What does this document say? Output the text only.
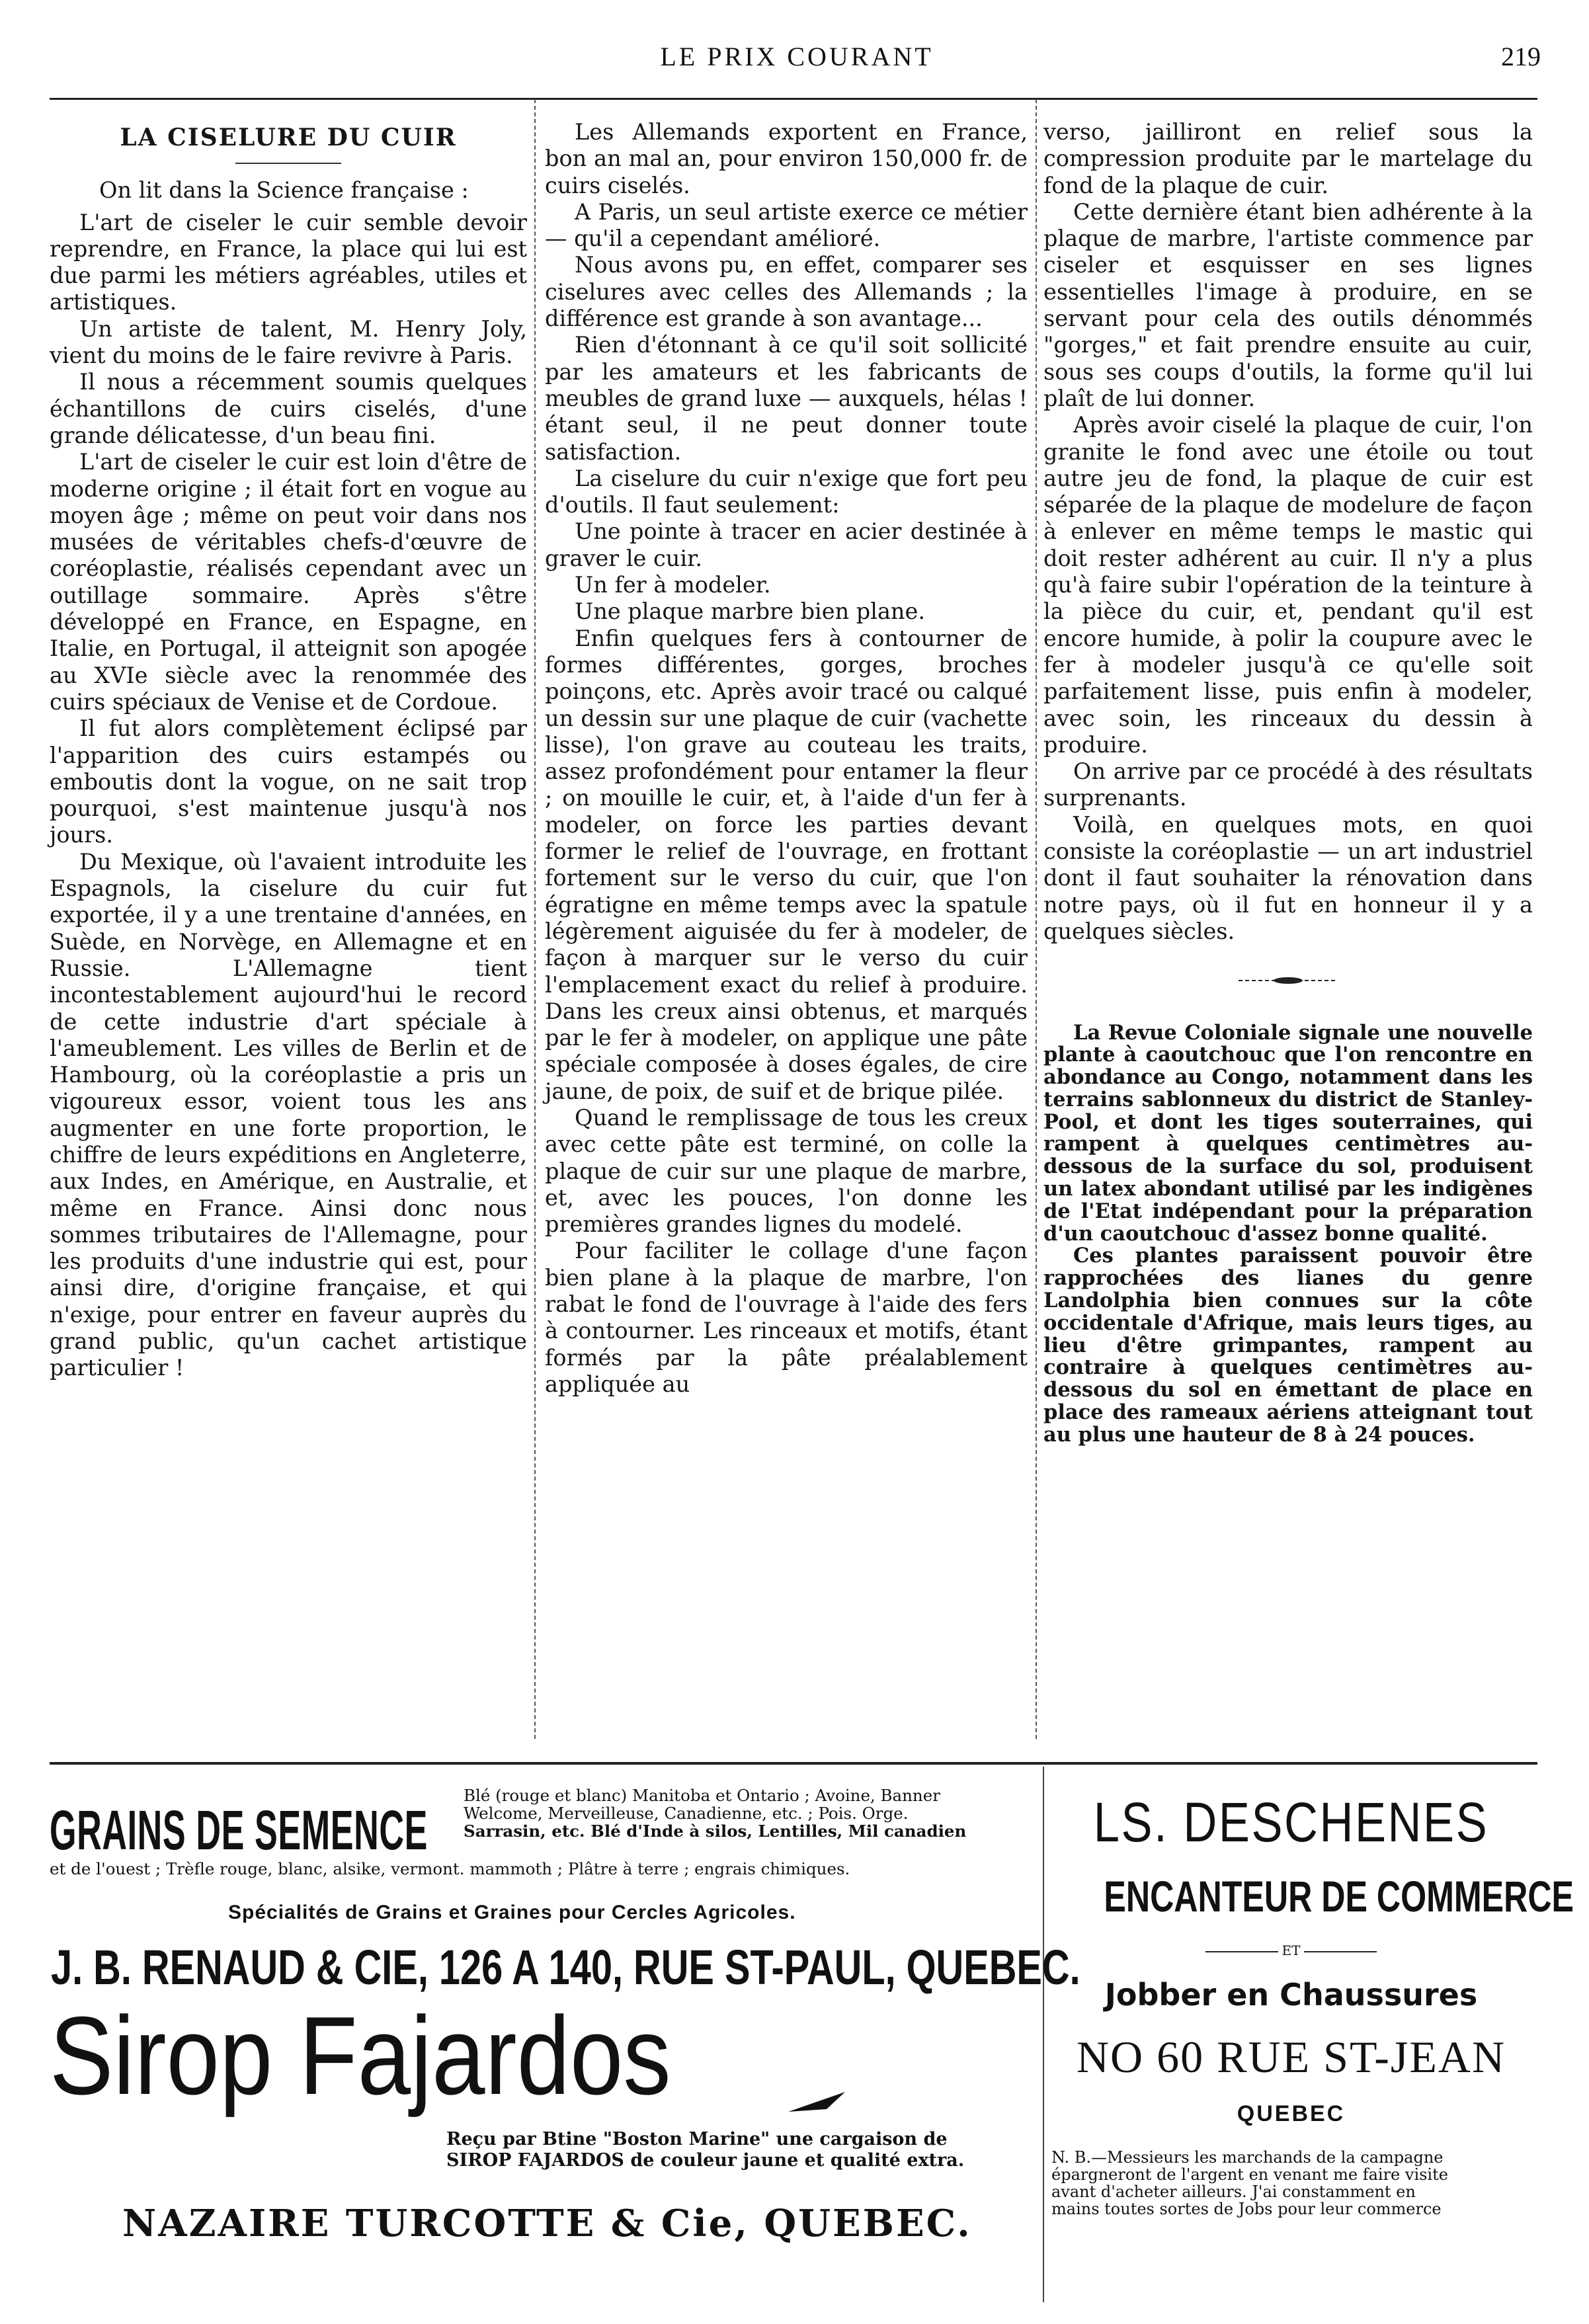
LE PRIX COURANT	219
LA CISELURE DU CUIR

On lit dans la Science française :

L'art de ciseler le cuir semble devoir reprendre, en France, la place qui lui est due parmi les métiers agréables, utiles et artistiques.

Un artiste de talent, M. Henry Joly, vient du moins de le faire revivre à Paris.

Il nous a récemment soumis quelques échantillons de cuirs ciselés, d'une grande délicatesse, d'un beau fini.

L'art de ciseler le cuir est loin d'être de moderne origine ; il était fort en vogue au moyen âge ; même on peut voir dans nos musées de véritables chefs-d'œuvre de coréoplastie, réalisés cependant avec un outillage sommaire. Après s'être développé en France, en Espagne, en Italie, en Portugal, il atteignit son apogée au XVIe siècle avec la renommée des cuirs spéciaux de Venise et de Cordoue.

Il fut alors complètement éclipsé par l'apparition des cuirs estampés ou emboutis dont la vogue, on ne sait trop pourquoi, s'est maintenue jusqu'à nos jours.

Du Mexique, où l'avaient introduite les Espagnols, la ciselure du cuir fut exportée, il y a une trentaine d'années, en Suède, en Norvège, en Allemagne et en Russie. L'Allemagne tient incontestablement aujourd'hui le record de cette industrie d'art spéciale à l'ameublement. Les villes de Berlin et de Hambourg, où la coréoplastie a pris un vigoureux essor, voient tous les ans augmenter en une forte proportion, le chiffre de leurs expéditions en Angleterre, aux Indes, en Amérique, en Australie, et même en France. Ainsi donc nous sommes tributaires de l'Allemagne, pour les produits d'une industrie qui est, pour ainsi dire, d'origine française, et qui n'exige, pour entrer en faveur auprès du grand public, qu'un cachet artistique particulier !

Les Allemands exportent en France, bon an mal an, pour environ 150,000 fr. de cuirs ciselés.

A Paris, un seul artiste exerce ce métier — qu'il a cependant amélioré.

Nous avons pu, en effet, comparer ses ciselures avec celles des Allemands ; la différence est grande à son avantage...

Rien d'étonnant à ce qu'il soit sollicité par les amateurs et les fabricants de meubles de grand luxe — auxquels, hélas ! étant seul, il ne peut donner toute satisfaction.

La ciselure du cuir n'exige que fort peu d'outils. Il faut seulement:

Une pointe à tracer en acier destinée à graver le cuir.

Un fer à modeler.

Une plaque marbre bien plane.

Enfin quelques fers à contourner de formes différentes, gorges, broches poinçons, etc. Après avoir tracé ou calqué un dessin sur une plaque de cuir (vachette lisse), l'on grave au couteau les traits, assez profondément pour entamer la fleur ; on mouille le cuir, et, à l'aide d'un fer à modeler, on force les parties devant former le relief de l'ouvrage, en frottant fortement sur le verso du cuir, que l'on égratigne en même temps avec la spatule légèrement aiguisée du fer à modeler, de façon à marquer sur le verso du cuir l'emplacement exact du relief à produire. Dans les creux ainsi obtenus, et marqués par le fer à modeler, on applique une pâte spéciale composée à doses égales, de cire jaune, de poix, de suif et de brique pilée.

Quand le remplissage de tous les creux avec cette pâte est terminé, on colle la plaque de cuir sur une plaque de marbre, et, avec les pouces, l'on donne les premières grandes lignes du modelé.

Pour faciliter le collage d'une façon bien plane à la plaque de marbre, l'on rabat le fond de l'ouvrage à l'aide des fers à contourner. Les rinceaux et motifs, étant formés par la pâte préalablement appliquée au

verso, jailliront en relief sous la compression produite par le martelage du fond de la plaque de cuir.

Cette dernière étant bien adhérente à la plaque de marbre, l'artiste commence par ciseler et esquisser en ses lignes essentielles l'image à produire, en se servant pour cela des outils dénommés "gorges," et fait prendre ensuite au cuir, sous ses coups d'outils, la forme qu'il lui plaît de lui donner.

Après avoir ciselé la plaque de cuir, l'on granite le fond avec une étoile ou tout autre jeu de fond, la plaque de cuir est séparée de la plaque de modelure de façon à enlever en même temps le mastic qui doit rester adhérent au cuir. Il n'y a plus qu'à faire subir l'opération de la teinture à la pièce du cuir, et, pendant qu'il est encore humide, à polir la coupure avec le fer à modeler jusqu'à ce qu'elle soit parfaitement lisse, puis enfin à modeler, avec soin, les rinceaux du dessin à produire.

On arrive par ce procédé à des résultats surprenants.

Voilà, en quelques mots, en quoi consiste la coréoplastie — un art industriel dont il faut souhaiter la rénovation dans notre pays, où il fut en honneur il y a quelques siècles.

La Revue Coloniale signale une nouvelle plante à caoutchouc que l'on rencontre en abondance au Congo, notamment dans les terrains sablonneux du district de Stanley-Pool, et dont les tiges souterraines, qui rampent à quelques centimètres au-dessous de la surface du sol, produisent un latex abondant utilisé par les indigènes de l'Etat indépendant pour la préparation d'un caoutchouc d'assez bonne qualité.

Ces plantes paraissent pouvoir être rapprochées des lianes du genre Landolphia bien connues sur la côte occidentale d'Afrique, mais leurs tiges, au lieu d'être grimpantes, rampent au contraire à quelques centimètres au-dessous du sol en émettant de place en place des rameaux aériens atteignant tout au plus une hauteur de 8 à 24 pouces.

GRAINS DE SEMENCE
Blé (rouge et blanc) Manitoba et Ontario ; Avoine, Banner
Welcome, Merveilleuse, Canadienne, etc. ; Pois. Orge.
Sarrasin, etc. Blé d'Inde à silos, Lentilles, Mil canadien
et de l'ouest ; Trèfle rouge, blanc, alsike, vermont. mammoth ; Plâtre à terre ; engrais chimiques.
Spécialités de Grains et Graines pour Cercles Agricoles.
J. B. RENAUD & CIE, 126 A 140, RUE ST-PAUL, QUEBEC.
Sirop Fajardos
Reçu par Btine "Boston Marine" une cargaison de
SIROP FAJARDOS de couleur jaune et qualité extra.
NAZAIRE TURCOTTE & Cie, QUEBEC.
LS. DESCHENES
ENCANTEUR DE COMMERCE
ET
Jobber en Chaussures
NO 60 RUE ST-JEAN
QUEBEC
N. B.—Messieurs les marchands de la campagne
épargneront de l'argent en venant me faire visite
avant d'acheter ailleurs. J'ai constamment en
mains toutes sortes de Jobs pour leur commerce
